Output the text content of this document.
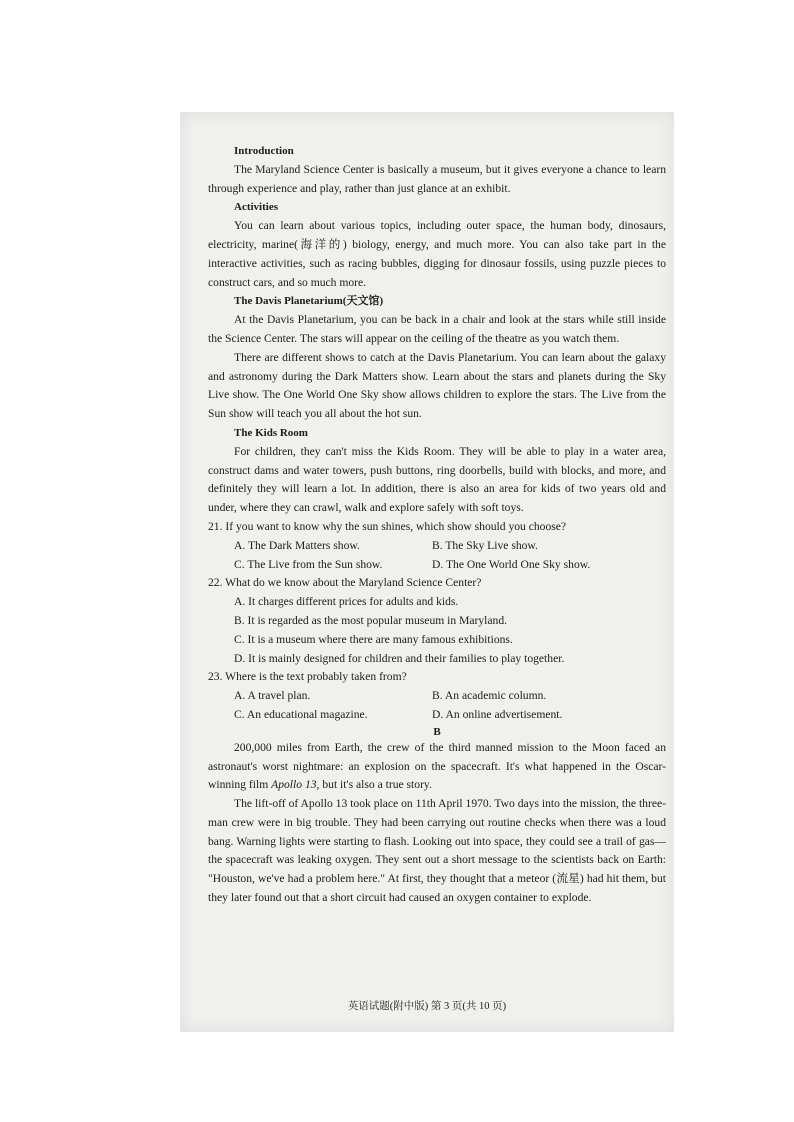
Introduction

The Maryland Science Center is basically a museum, but it gives everyone a chance to learn through experience and play, rather than just glance at an exhibit.

Activities

You can learn about various topics, including outer space, the human body, dinosaurs, electricity, marine(海洋的) biology, energy, and much more. You can also take part in the interactive activities, such as racing bubbles, digging for dinosaur fossils, using puzzle pieces to construct cars, and so much more.

The Davis Planetarium(天文馆)

At the Davis Planetarium, you can be back in a chair and look at the stars while still inside the Science Center. The stars will appear on the ceiling of the theatre as you watch them.

There are different shows to catch at the Davis Planetarium. You can learn about the galaxy and astronomy during the Dark Matters show. Learn about the stars and planets during the Sky Live show. The One World One Sky show allows children to explore the stars. The Live from the Sun show will teach you all about the hot sun.

The Kids Room

For children, they can't miss the Kids Room. They will be able to play in a water area, construct dams and water towers, push buttons, ring doorbells, build with blocks, and more, and definitely they will learn a lot. In addition, there is also an area for kids of two years old and under, where they can crawl, walk and explore safely with soft toys.

21. If you want to know why the sun shines, which show should you choose?
A. The Dark Matters show.	B. The Sky Live show.
C. The Live from the Sun show.	D. The One World One Sky show.
22. What do we know about the Maryland Science Center?
A. It charges different prices for adults and kids.
B. It is regarded as the most popular museum in Maryland.
C. It is a museum where there are many famous exhibitions.
D. It is mainly designed for children and their families to play together.
23. Where is the text probably taken from?
A. A travel plan.	B. An academic column.
C. An educational magazine.	D. An online advertisement.
B

200,000 miles from Earth, the crew of the third manned mission to the Moon faced an astronaut's worst nightmare: an explosion on the spacecraft. It's what happened in the Oscar-winning film Apollo 13, but it's also a true story.

The lift-off of Apollo 13 took place on 11th April 1970. Two days into the mission, the three-man crew were in big trouble. They had been carrying out routine checks when there was a loud bang. Warning lights were starting to flash. Looking out into space, they could see a trail of gas—the spacecraft was leaking oxygen. They sent out a short message to the scientists back on Earth: "Houston, we've had a problem here." At first, they thought that a meteor (流星) had hit them, but they later found out that a short circuit had caused an oxygen container to explode.

英语试题(附中版) 第 3 页(共 10 页)
